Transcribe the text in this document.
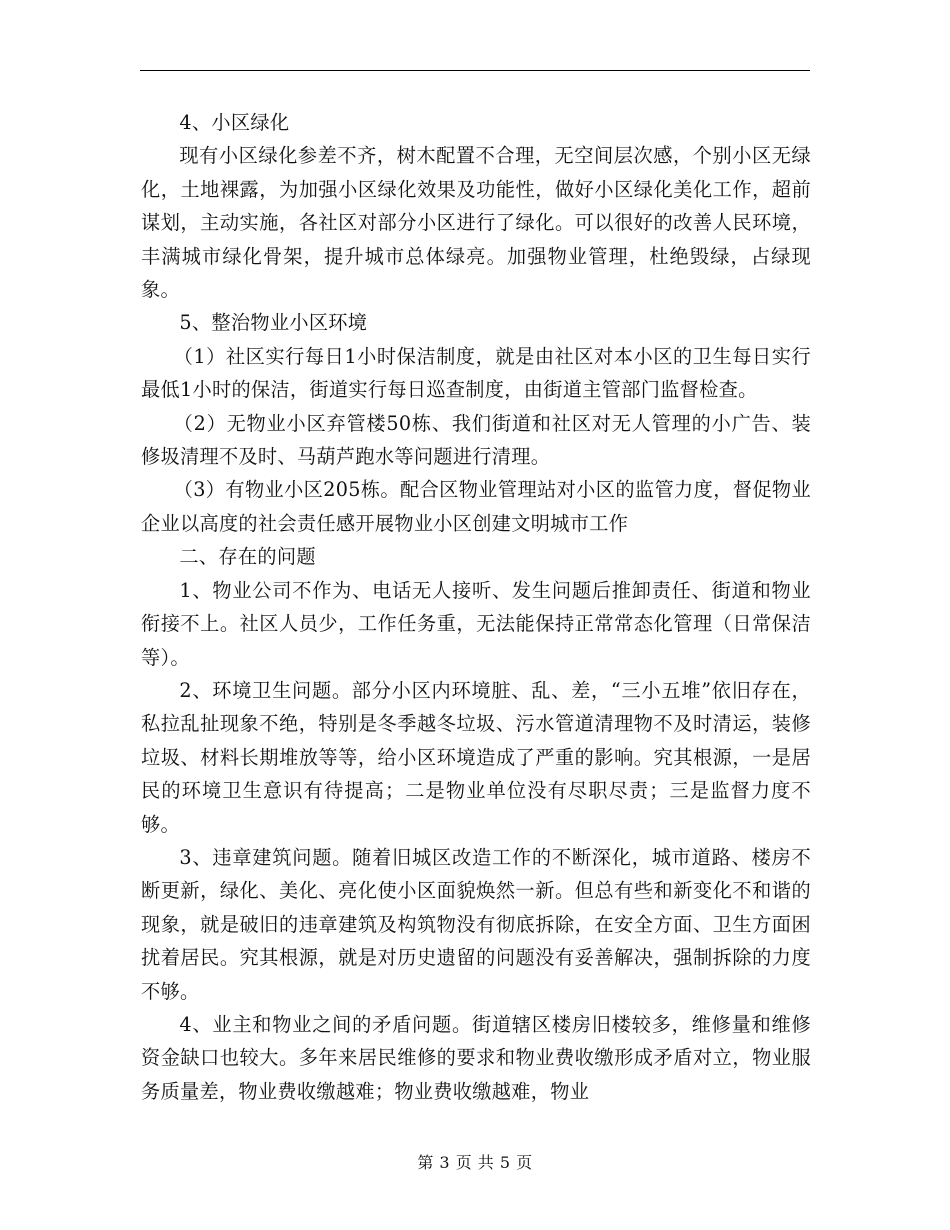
4、小区绿化

现有小区绿化参差不齐，树木配置不合理，无空间层次感，个别小区无绿化，土地裸露，为加强小区绿化效果及功能性，做好小区绿化美化工作，超前谋划，主动实施，各社区对部分小区进行了绿化。可以很好的改善人民环境，丰满城市绿化骨架，提升城市总体绿亮。加强物业管理，杜绝毁绿，占绿现象。

5、整治物业小区环境

（1）社区实行每日1小时保洁制度，就是由社区对本小区的卫生每日实行最低1小时的保洁，街道实行每日巡查制度，由街道主管部门监督检查。

（2）无物业小区弃管楼50栋、我们街道和社区对无人管理的小广告、装修圾清理不及时、马葫芦跑水等问题进行清理。

（3）有物业小区205栋。配合区物业管理站对小区的监管力度，督促物业企业以高度的社会责任感开展物业小区创建文明城市工作

二、存在的问题

1、物业公司不作为、电话无人接听、发生问题后推卸责任、街道和物业衔接不上。社区人员少，工作任务重，无法能保持正常常态化管理（日常保洁等）。

2、环境卫生问题。部分小区内环境脏、乱、差，“三小五堆”依旧存在，私拉乱扯现象不绝，特别是冬季越冬垃圾、污水管道清理物不及时清运，装修垃圾、材料长期堆放等等，给小区环境造成了严重的影响。究其根源，一是居民的环境卫生意识有待提高；二是物业单位没有尽职尽责；三是监督力度不够。

3、违章建筑问题。随着旧城区改造工作的不断深化，城市道路、楼房不断更新，绿化、美化、亮化使小区面貌焕然一新。但总有些和新变化不和谐的现象，就是破旧的违章建筑及构筑物没有彻底拆除，在安全方面、卫生方面困扰着居民。究其根源，就是对历史遗留的问题没有妥善解决，强制拆除的力度不够。

4、业主和物业之间的矛盾问题。街道辖区楼房旧楼较多，维修量和维修资金缺口也较大。多年来居民维修的要求和物业费收缴形成矛盾对立，物业服务质量差，物业费收缴越难；物业费收缴越难，物业

第 3 页 共 5 页
